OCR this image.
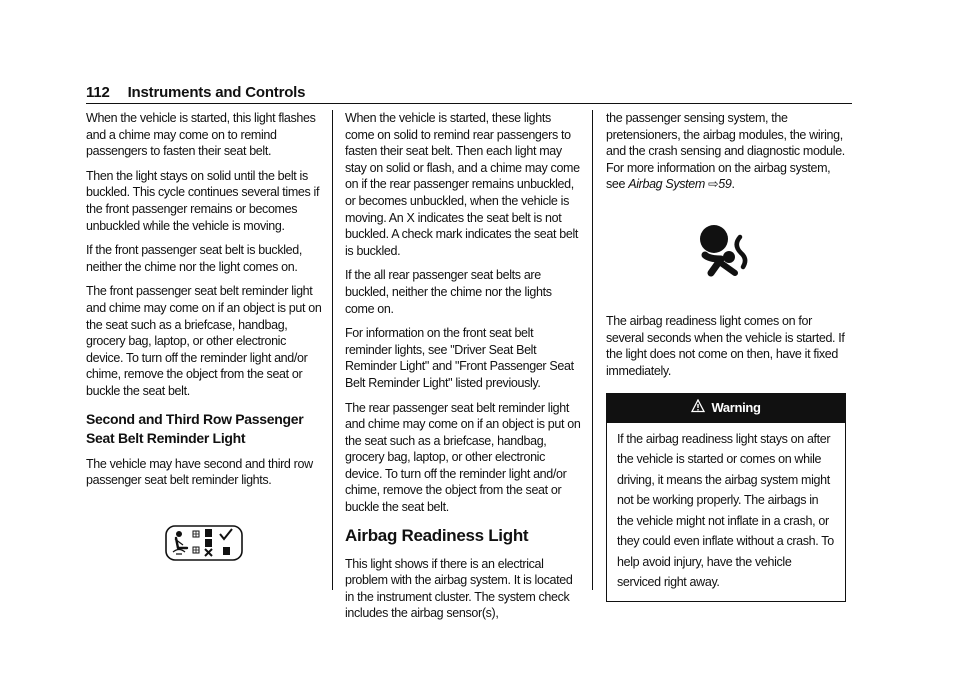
112 Instruments and Controls

When the vehicle is started, this light flashes and a chime may come on to remind passengers to fasten their seat belt.

Then the light stays on solid until the belt is buckled. This cycle continues several times if the front passenger remains or becomes unbuckled while the vehicle is moving.

If the front passenger seat belt is buckled, neither the chime nor the light comes on.

The front passenger seat belt reminder light and chime may come on if an object is put on the seat such as a briefcase, handbag, grocery bag, laptop, or other electronic device. To turn off the reminder light and/or chime, remove the object from the seat or buckle the seat belt.

Second and Third Row Passenger Seat Belt Reminder Light

The vehicle may have second and third row passenger seat belt reminder lights.

When the vehicle is started, these lights come on solid to remind rear passengers to fasten their seat belt. Then each light may stay on solid or flash, and a chime may come on if the rear passenger remains unbuckled, or becomes unbuckled, when the vehicle is moving. An X indicates the seat belt is not buckled. A check mark indicates the seat belt is buckled.

If the all rear passenger seat belts are buckled, neither the chime nor the lights come on.

For information on the front seat belt reminder lights, see "Driver Seat Belt Reminder Light" and "Front Passenger Seat Belt Reminder Light" listed previously.

The rear passenger seat belt reminder light and chime may come on if an object is put on the seat such as a briefcase, handbag, grocery bag, laptop, or other electronic device. To turn off the reminder light and/or chime, remove the object from the seat or buckle the seat belt.

Airbag Readiness Light

This light shows if there is an electrical problem with the airbag system. It is located in the instrument cluster. The system check includes the airbag sensor(s),

the passenger sensing system, the pretensioners, the airbag modules, the wiring, and the crash sensing and diagnostic module. For more information on the airbag system, see Airbag System ⇨59.

The airbag readiness light comes on for several seconds when the vehicle is started. If the light does not come on then, have it fixed immediately.

Warning
If the airbag readiness light stays on after the vehicle is started or comes on while driving, it means the airbag system might not be working properly. The airbags in the vehicle might not inflate in a crash, or they could even inflate without a crash. To help avoid injury, have the vehicle serviced right away.
